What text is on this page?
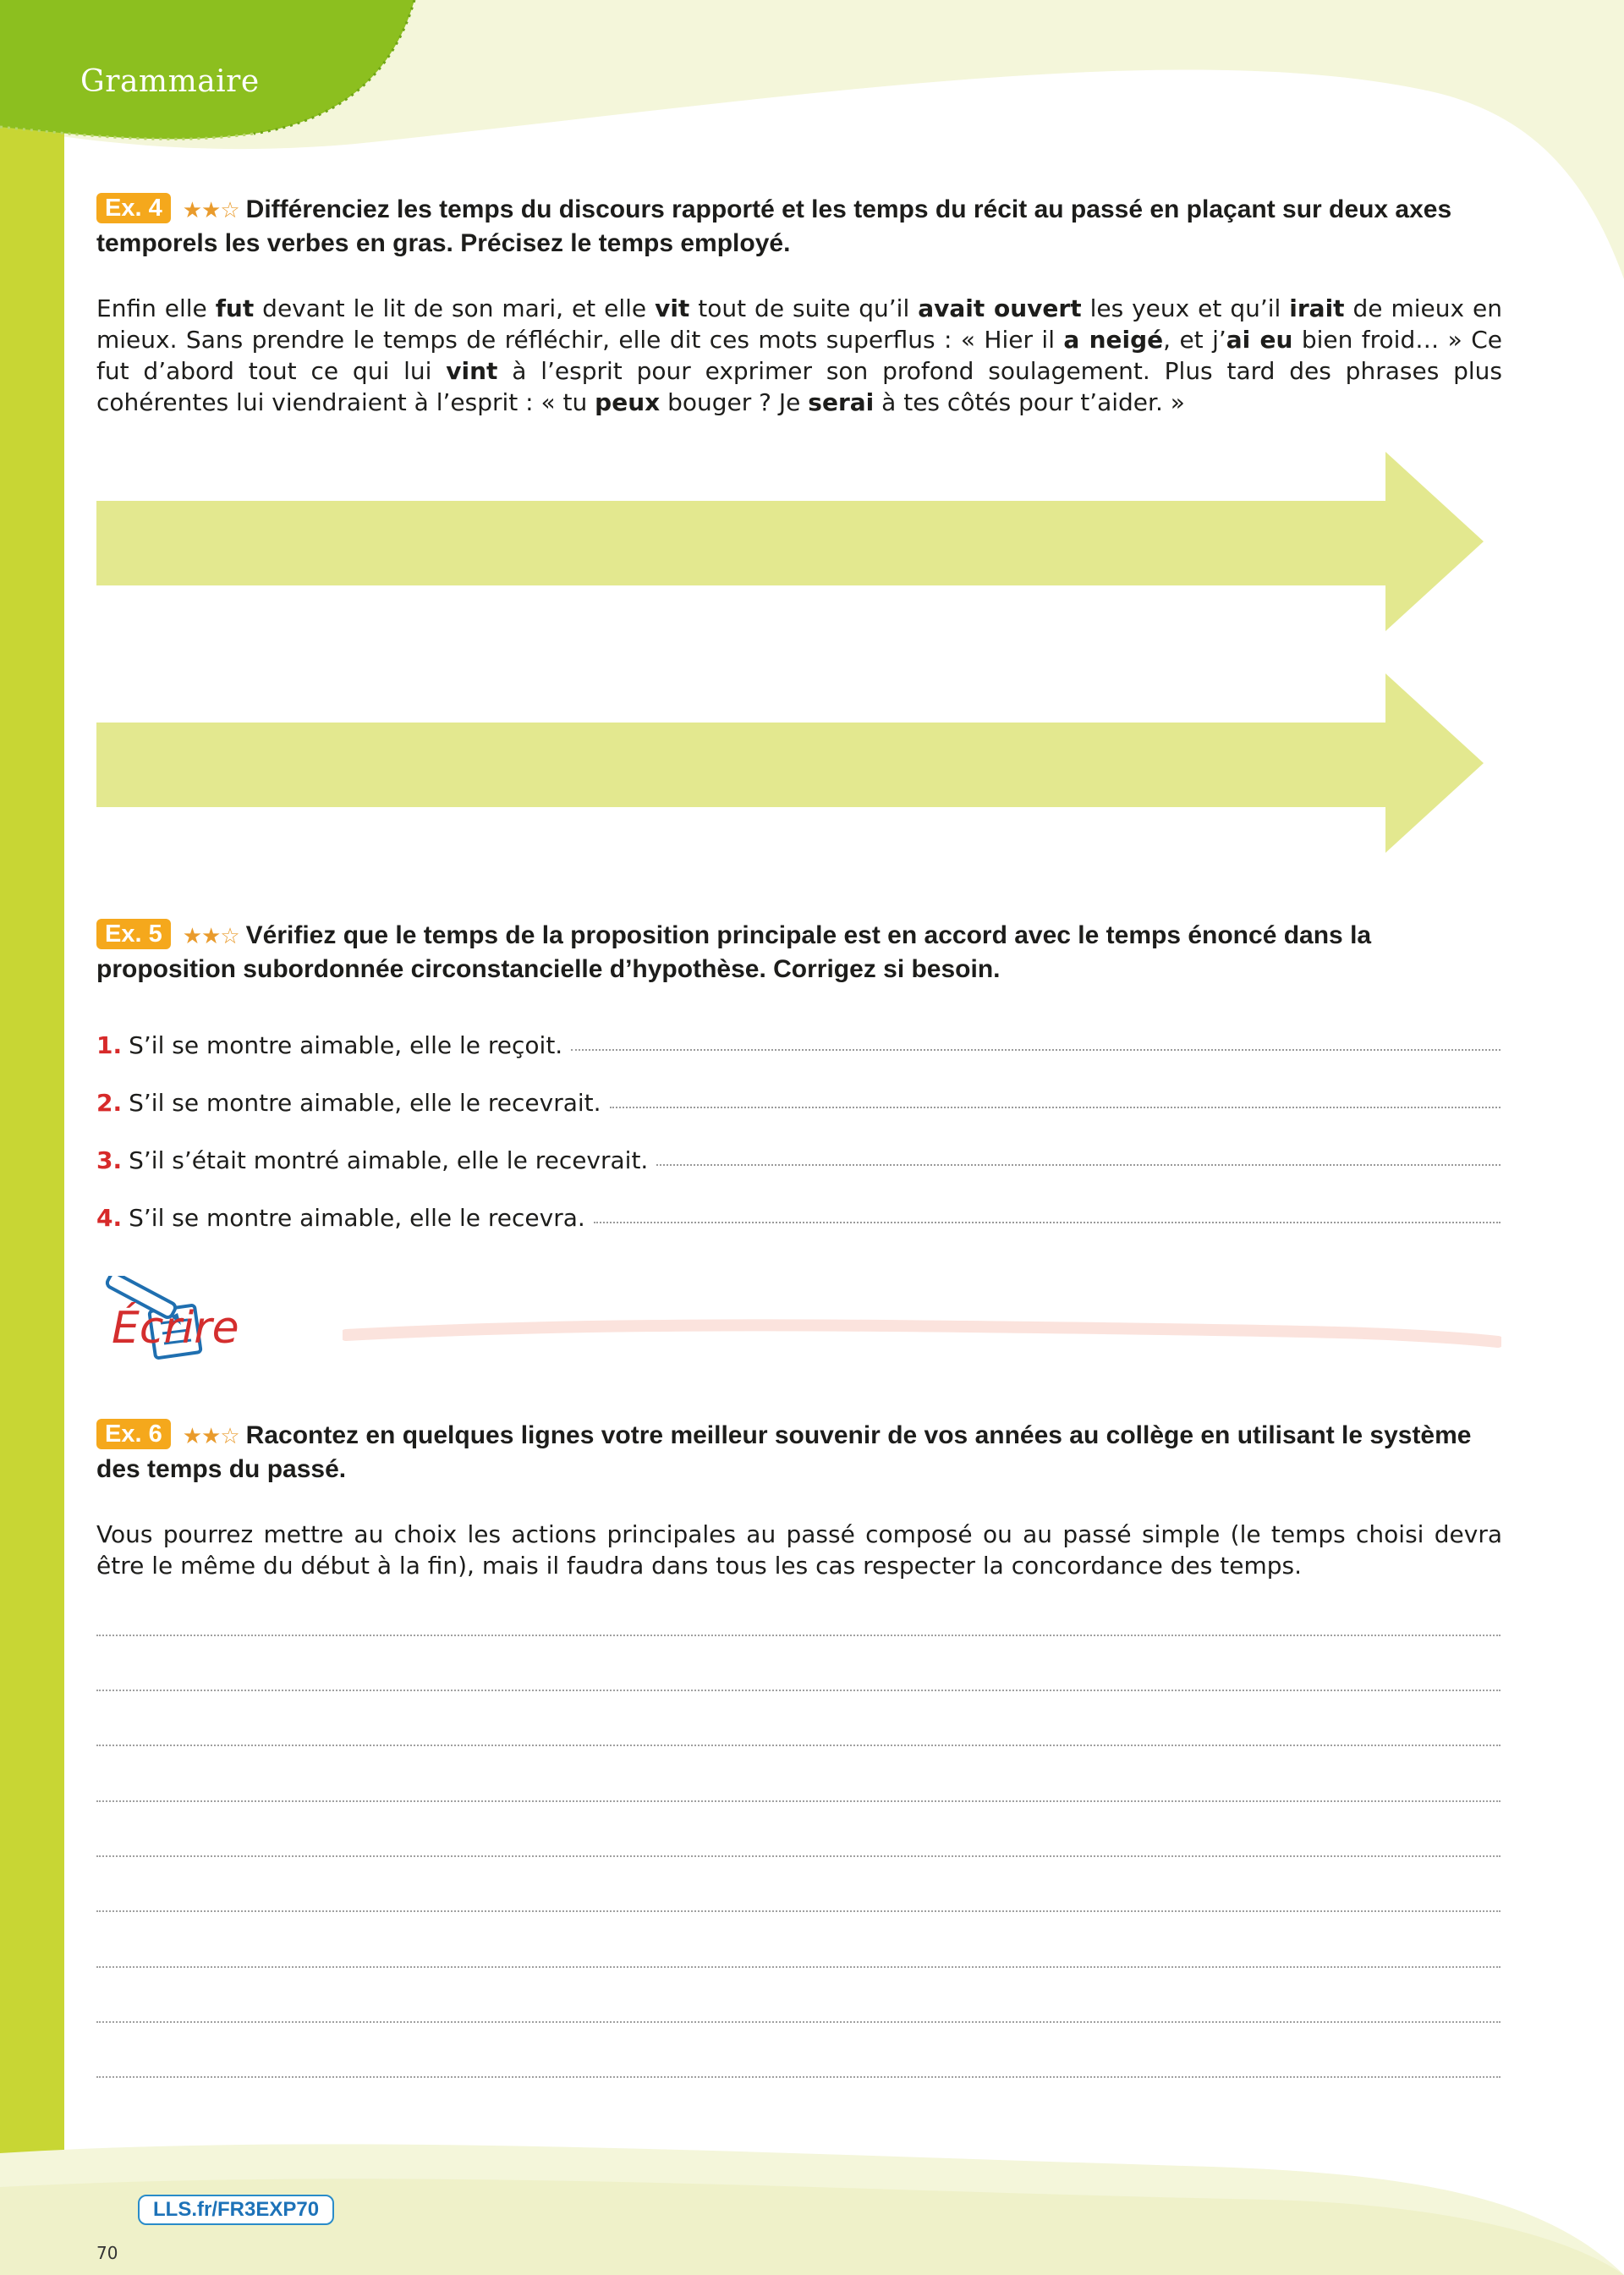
Grammaire
Ex. 4 ★★☆ Différenciez les temps du discours rapporté et les temps du récit au passé en plaçant sur deux axes temporels les verbes en gras. Précisez le temps employé.
Enfin elle fut devant le lit de son mari, et elle vit tout de suite qu’il avait ouvert les yeux et qu’il irait de mieux en mieux. Sans prendre le temps de réfléchir, elle dit ces mots superflus : « Hier il a neigé, et j’ai eu bien froid… » Ce fut d’abord tout ce qui lui vint à l’esprit pour exprimer son profond soulagement. Plus tard des phrases plus cohérentes lui viendraient à l’esprit : « tu peux bouger ? Je serai à tes côtés pour t’aider. »
Ex. 5 ★★☆ Vérifiez que le temps de la proposition principale est en accord avec le temps énoncé dans la proposition subordonnée circonstancielle d’hypothèse. Corrigez si besoin.
1. S’il se montre aimable, elle le reçoit.
2. S’il se montre aimable, elle le recevrait.
3. S’il s’était montré aimable, elle le recevrait.
4. S’il se montre aimable, elle le recevra.
Écrire
Ex. 6 ★★☆ Racontez en quelques lignes votre meilleur souvenir de vos années au collège en utilisant le système des temps du passé.
Vous pourrez mettre au choix les actions principales au passé composé ou au passé simple (le temps choisi devra être le même du début à la fin), mais il faudra dans tous les cas respecter la concordance des temps.
70
LLS.fr/FR3EXP70
